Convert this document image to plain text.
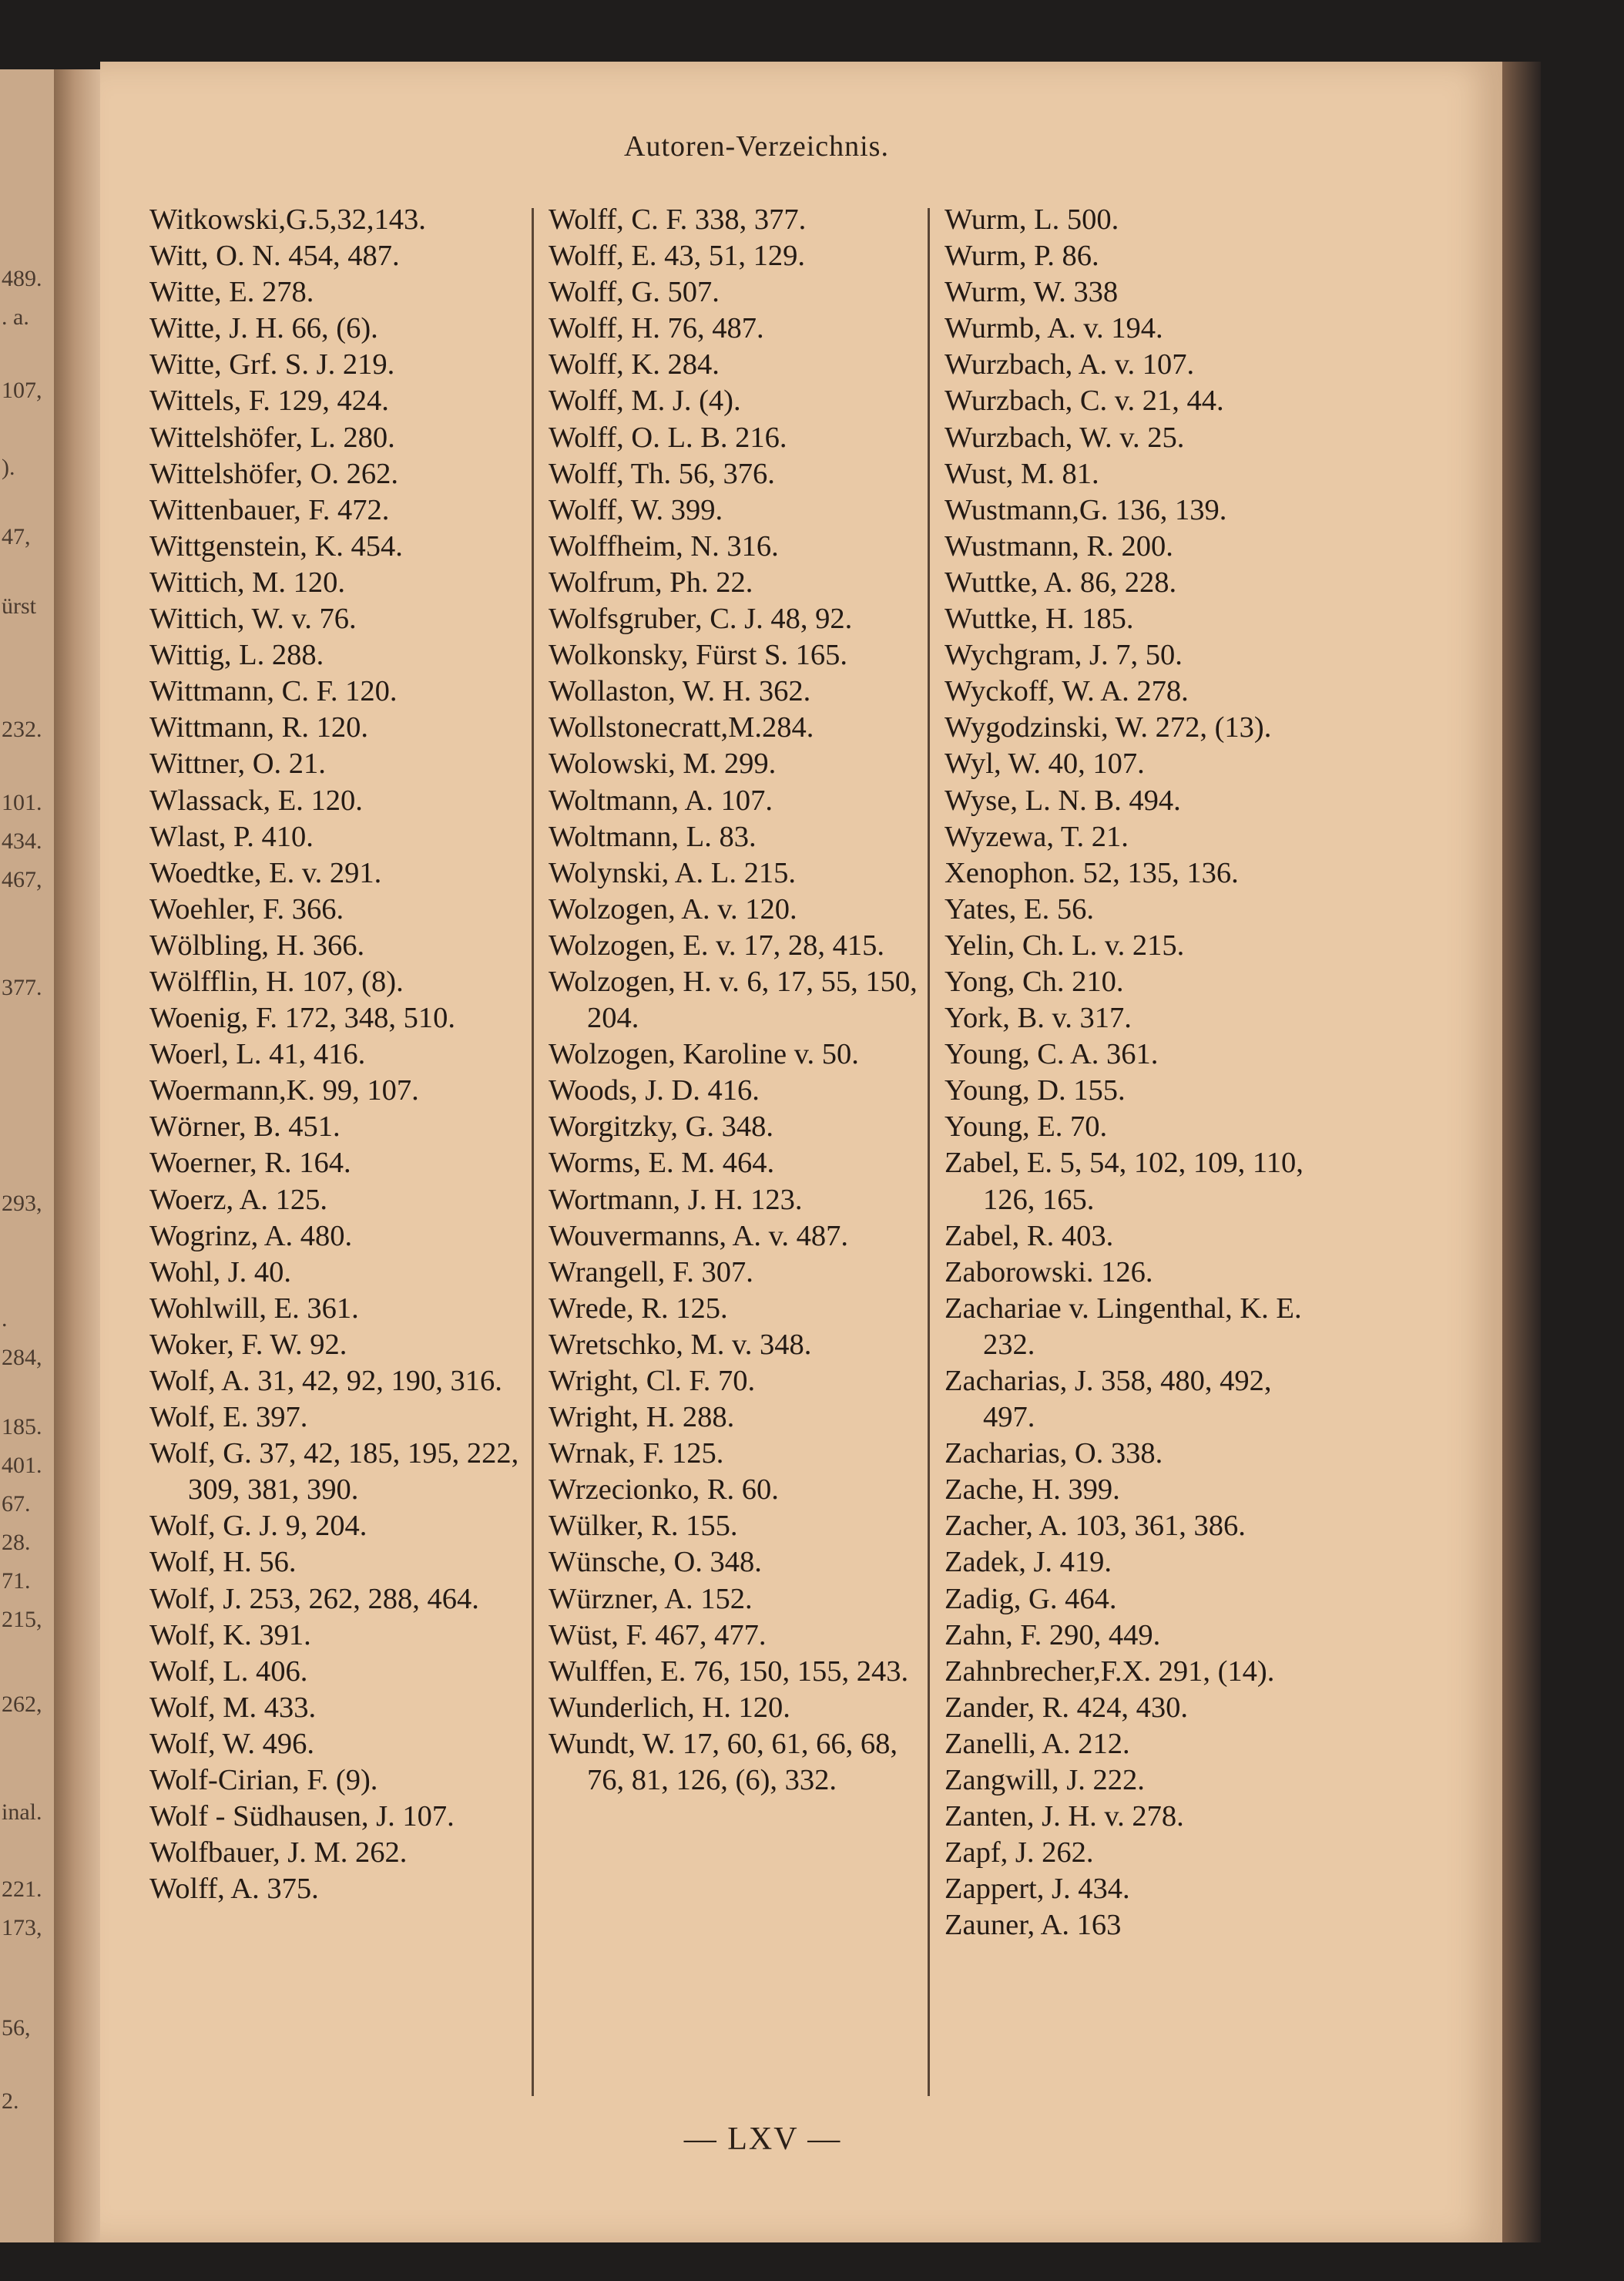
489.
. a.
107,
).
47,
ürst
232.
101.
434.
467,
377.
293,
.
284,
185.
401.
67.
28.
71.
215,
262,
inal.
221.
173,
56,
2.
Autoren-Verzeichnis.
Witkowski,G.5,32,143.
Witt, O. N. 454, 487.
Witte, E. 278.
Witte, J. H. 66, (6).
Witte, Grf. S. J. 219.
Wittels, F. 129, 424.
Wittelshöfer, L. 280.
Wittelshöfer, O. 262.
Wittenbauer, F. 472.
Wittgenstein, K. 454.
Wittich, M. 120.
Wittich, W. v. 76.
Wittig, L. 288.
Wittmann, C. F. 120.
Wittmann, R. 120.
Wittner, O. 21.
Wlassack, E. 120.
Wlast, P. 410.
Woedtke, E. v. 291.
Woehler, F. 366.
Wölbling, H. 366.
Wölfflin, H. 107, (8).
Woenig, F. 172, 348, 510.
Woerl, L. 41, 416.
Woermann,K. 99, 107.
Wörner, B. 451.
Woerner, R. 164.
Woerz, A. 125.
Wogrinz, A. 480.
Wohl, J. 40.
Wohlwill, E. 361.
Woker, F. W. 92.
Wolf, A. 31, 42, 92, 190, 316.
Wolf, E. 397.
Wolf, G. 37, 42, 185, 195, 222, 309, 381, 390.
Wolf, G. J. 9, 204.
Wolf, H. 56.
Wolf, J. 253, 262, 288, 464.
Wolf, K. 391.
Wolf, L. 406.
Wolf, M. 433.
Wolf, W. 496.
Wolf-Cirian, F. (9).
Wolf - Südhausen, J. 107.
Wolfbauer, J. M. 262.
Wolff, A. 375.
Wolff, C. F. 338, 377.
Wolff, E. 43, 51, 129.
Wolff, G. 507.
Wolff, H. 76, 487.
Wolff, K. 284.
Wolff, M. J. (4).
Wolff, O. L. B. 216.
Wolff, Th. 56, 376.
Wolff, W. 399.
Wolffheim, N. 316.
Wolfrum, Ph. 22.
Wolfsgruber, C. J. 48, 92.
Wolkonsky, Fürst S. 165.
Wollaston, W. H. 362.
Wollstonecratt,M.284.
Wolowski, M. 299.
Woltmann, A. 107.
Woltmann, L. 83.
Wolynski, A. L. 215.
Wolzogen, A. v. 120.
Wolzogen, E. v. 17, 28, 415.
Wolzogen, H. v. 6, 17, 55, 150, 204.
Wolzogen, Karoline v. 50.
Woods, J. D. 416.
Worgitzky, G. 348.
Worms, E. M. 464.
Wortmann, J. H. 123.
Wouvermanns, A. v. 487.
Wrangell, F. 307.
Wrede, R. 125.
Wretschko, M. v. 348.
Wright, Cl. F. 70.
Wright, H. 288.
Wrnak, F. 125.
Wrzecionko, R. 60.
Wülker, R. 155.
Wünsche, O. 348.
Würzner, A. 152.
Wüst, F. 467, 477.
Wulffen, E. 76, 150, 155, 243.
Wunderlich, H. 120.
Wundt, W. 17, 60, 61, 66, 68, 76, 81, 126, (6), 332.
Wurm, L. 500.
Wurm, P. 86.
Wurm, W. 338
Wurmb, A. v. 194.
Wurzbach, A. v. 107.
Wurzbach, C. v. 21, 44.
Wurzbach, W. v. 25.
Wust, M. 81.
Wustmann,G. 136, 139.
Wustmann, R. 200.
Wuttke, A. 86, 228.
Wuttke, H. 185.
Wychgram, J. 7, 50.
Wyckoff, W. A. 278.
Wygodzinski, W. 272, (13).
Wyl, W. 40, 107.
Wyse, L. N. B. 494.
Wyzewa, T. 21.
Xenophon. 52, 135, 136.
Yates, E. 56.
Yelin, Ch. L. v. 215.
Yong, Ch. 210.
York, B. v. 317.
Young, C. A. 361.
Young, D. 155.
Young, E. 70.
Zabel, E. 5, 54, 102, 109, 110, 126, 165.
Zabel, R. 403.
Zaborowski. 126.
Zachariae v. Lingenthal, K. E. 232.
Zacharias, J. 358, 480, 492, 497.
Zacharias, O. 338.
Zache, H. 399.
Zacher, A. 103, 361, 386.
Zadek, J. 419.
Zadig, G. 464.
Zahn, F. 290, 449.
Zahnbrecher,F.X. 291, (14).
Zander, R. 424, 430.
Zanelli, A. 212.
Zangwill, J. 222.
Zanten, J. H. v. 278.
Zapf, J. 262.
Zappert, J. 434.
Zauner, A. 163
— LXV —
